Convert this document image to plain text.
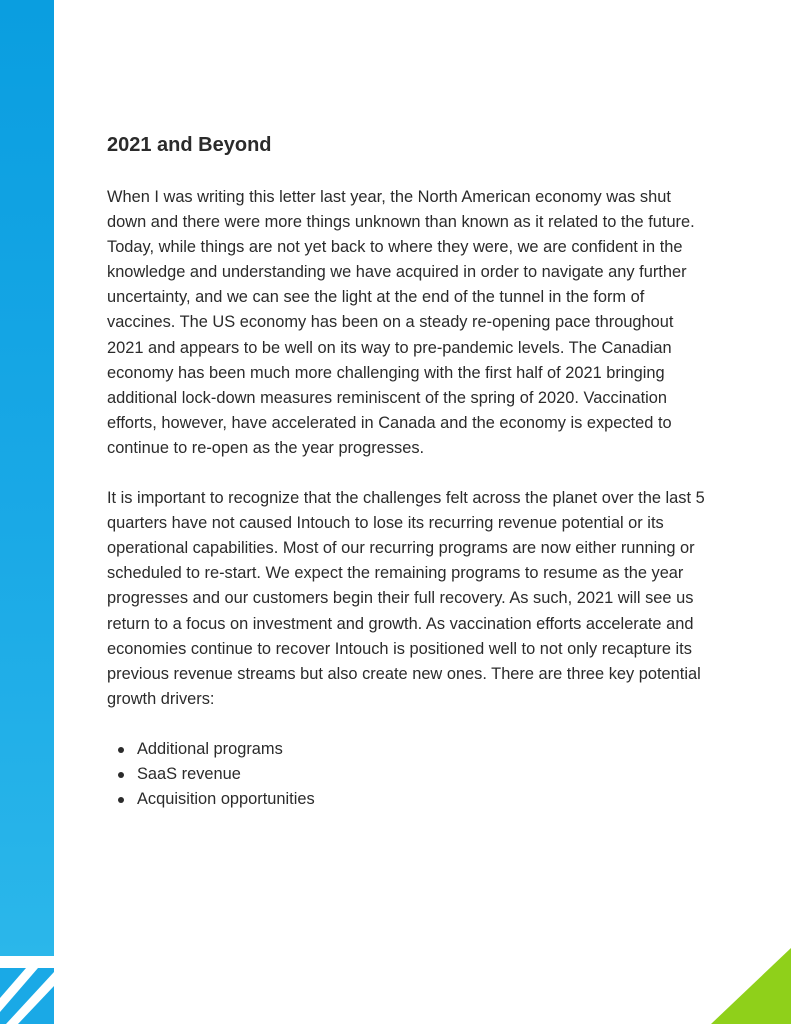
2021 and Beyond

When I was writing this letter last year, the North American economy was shut down and there were more things unknown than known as it related to the future. Today, while things are not yet back to where they were, we are confident in the knowledge and understanding we have acquired in order to navigate any further uncertainty, and we can see the light at the end of the tunnel in the form of vaccines. The US economy has been on a steady re-opening pace throughout 2021 and appears to be well on its way to pre-pandemic levels. The Canadian economy has been much more challenging with the first half of 2021 bringing additional lock-down measures reminiscent of the spring of 2020. Vaccination efforts, however, have accelerated in Canada and the economy is expected to continue to re-open as the year progresses.

It is important to recognize that the challenges felt across the planet over the last 5 quarters have not caused Intouch to lose its recurring revenue potential or its operational capabilities. Most of our recurring programs are now either running or scheduled to re-start. We expect the remaining programs to resume as the year progresses and our customers begin their full recovery. As such, 2021 will see us return to a focus on investment and growth. As vaccination efforts accelerate and economies continue to recover Intouch is positioned well to not only recapture its previous revenue streams but also create new ones. There are three key potential growth drivers:

Additional programs
SaaS revenue
Acquisition opportunities
